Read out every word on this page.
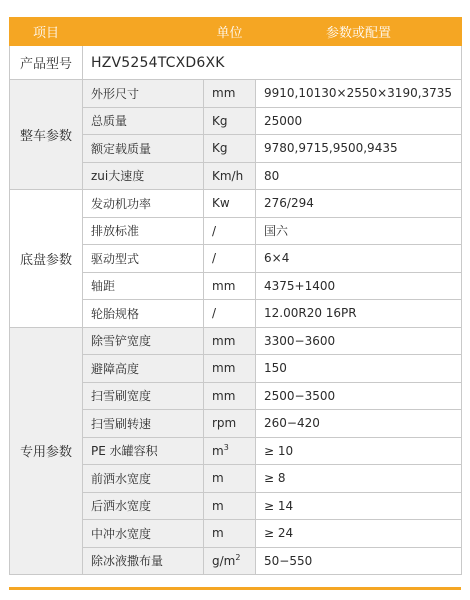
项目		单位	参数或配置
产品型号	HZV5254TCXD6XK		
整车参数	外形尺寸	mm	9910,10130×2550×3190,3735
	总质量	Kg	25000
	额定载质量	Kg	9780,9715,9500,9435
	zui大速度	Km/h	80
底盘参数	发动机功率	Kw	276/294
	排放标准	/	国六
	驱动型式	/	6×4
	轴距	mm	4375+1400
	轮胎规格	/	12.00R20 16PR
专用参数	除雪铲宽度	mm	3300−3600
	避障高度	mm	150
	扫雪刷宽度	mm	2500−3500
	扫雪刷转速	rpm	260−420
	PE 水罐容积	$m^3$	≥ 10
	前洒水宽度	m	≥ 8
	后洒水宽度	m	≥ 14
	中冲水宽度	m	≥ 24
	除冰液撒布量	$g/m^2$	50−550
